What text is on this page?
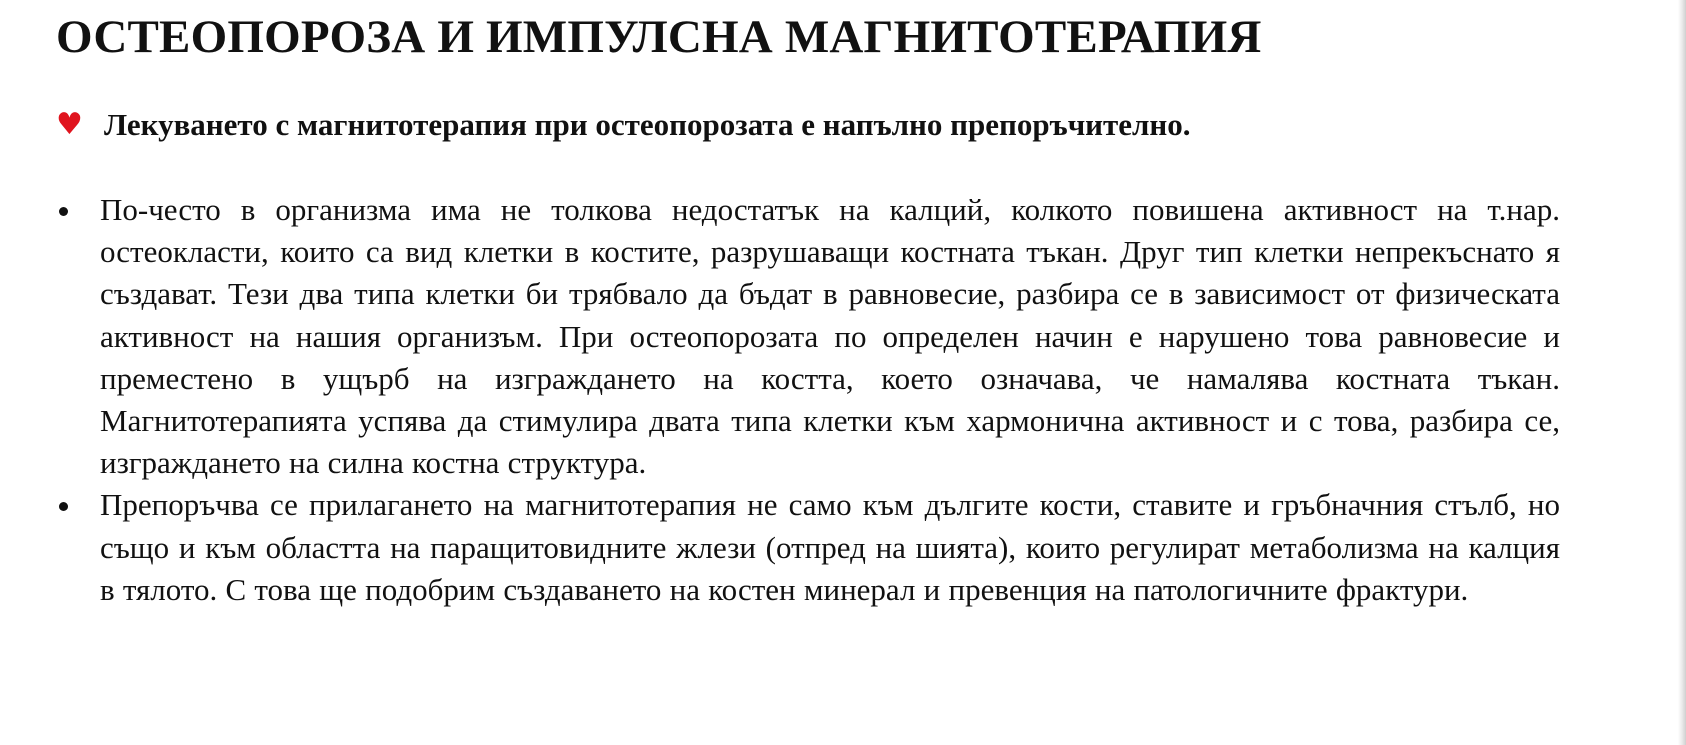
ОСТЕОПОРОЗА И ИМПУЛСНА МАГНИТОТЕРАПИЯ
♥ Лекуването с магнитотерапия при остеопорозата е напълно препоръчително.

По-често в организма има не толкова недостатък на калций, колкото повишена активност на т.нар. остеокласти, които са вид клетки в костите, разрушаващи костната тъкан. Друг тип клетки непрекъснато я създават. Тези два типа клетки би трябвало да бъдат в равновесие, разбира се в зависимост от физическата активност на нашия организъм. При остеопорозата по определен начин е нарушено това равновесие и преместено в ущърб на изграждането на костта, което означава, че намалява костната тъкан. Магнитотерапията успява да стимулира двата типа клетки към хармонична активност и с това, разбира се, изграждането на силна костна структура.

Препоръчва се прилагането на магнитотерапия не само към дългите кости, ставите и гръбначния стълб, но също и към областта на паращитовидните жлези (отпред на шията), които регулират метаболизма на калция в тялото. С това ще подобрим създаването на костен минерал и превенция на патологичните фрактури.
